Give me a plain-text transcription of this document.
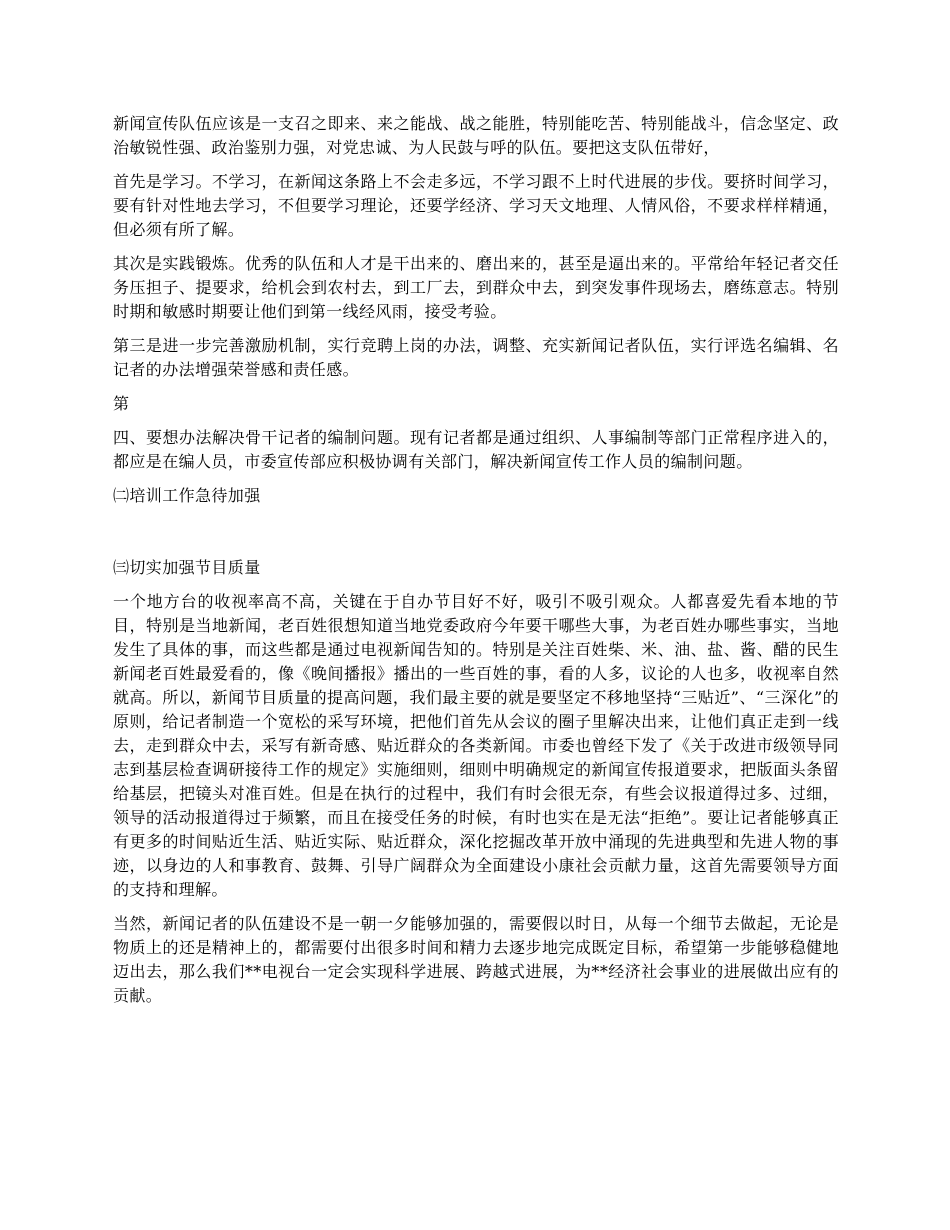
新闻宣传队伍应该是一支召之即来、来之能战、战之能胜，特别能吃苦、特别能战斗，信念坚定、政治敏锐性强、政治鉴别力强，对党忠诚、为人民鼓与呼的队伍。要把这支队伍带好，

首先是学习。不学习，在新闻这条路上不会走多远，不学习跟不上时代进展的步伐。要挤时间学习，要有针对性地去学习，不但要学习理论，还要学经济、学习天文地理、人情风俗，不要求样样精通，但必须有所了解。

其次是实践锻炼。优秀的队伍和人才是干出来的、磨出来的，甚至是逼出来的。平常给年轻记者交任务压担子、提要求，给机会到农村去，到工厂去，到群众中去，到突发事件现场去，磨练意志。特别时期和敏感时期要让他们到第一线经风雨，接受考验。

第三是进一步完善激励机制，实行竞聘上岗的办法，调整、充实新闻记者队伍，实行评选名编辑、名记者的办法增强荣誉感和责任感。

第

四、要想办法解决骨干记者的编制问题。现有记者都是通过组织、人事编制等部门正常程序进入的，都应是在编人员，市委宣传部应积极协调有关部门，解决新闻宣传工作人员的编制问题。

㈡培训工作急待加强

㈢切实加强节目质量

一个地方台的收视率高不高，关键在于自办节目好不好，吸引不吸引观众。人都喜爱先看本地的节目，特别是当地新闻，老百姓很想知道当地党委政府今年要干哪些大事，为老百姓办哪些事实，当地发生了具体的事，而这些都是通过电视新闻告知的。特别是关注百姓柴、米、油、盐、酱、醋的民生新闻老百姓最爱看的，像《晚间播报》播出的一些百姓的事，看的人多，议论的人也多，收视率自然就高。所以，新闻节目质量的提高问题，我们最主要的就是要坚定不移地坚持“三贴近”、“三深化”的原则，给记者制造一个宽松的采写环境，把他们首先从会议的圈子里解决出来，让他们真正走到一线去，走到群众中去，采写有新奇感、贴近群众的各类新闻。市委也曾经下发了《关于改进市级领导同志到基层检查调研接待工作的规定》实施细则，细则中明确规定的新闻宣传报道要求，把版面头条留给基层，把镜头对准百姓。但是在执行的过程中，我们有时会很无奈，有些会议报道得过多、过细，领导的活动报道得过于频繁，而且在接受任务的时候，有时也实在是无法“拒绝”。要让记者能够真正有更多的时间贴近生活、贴近实际、贴近群众，深化挖掘改革开放中涌现的先进典型和先进人物的事迹，以身边的人和事教育、鼓舞、引导广阔群众为全面建设小康社会贡献力量，这首先需要领导方面的支持和理解。

当然，新闻记者的队伍建设不是一朝一夕能够加强的，需要假以时日，从每一个细节去做起，无论是物质上的还是精神上的，都需要付出很多时间和精力去逐步地完成既定目标，希望第一步能够稳健地迈出去，那么我们**电视台一定会实现科学进展、跨越式进展，为**经济社会事业的进展做出应有的贡献。
